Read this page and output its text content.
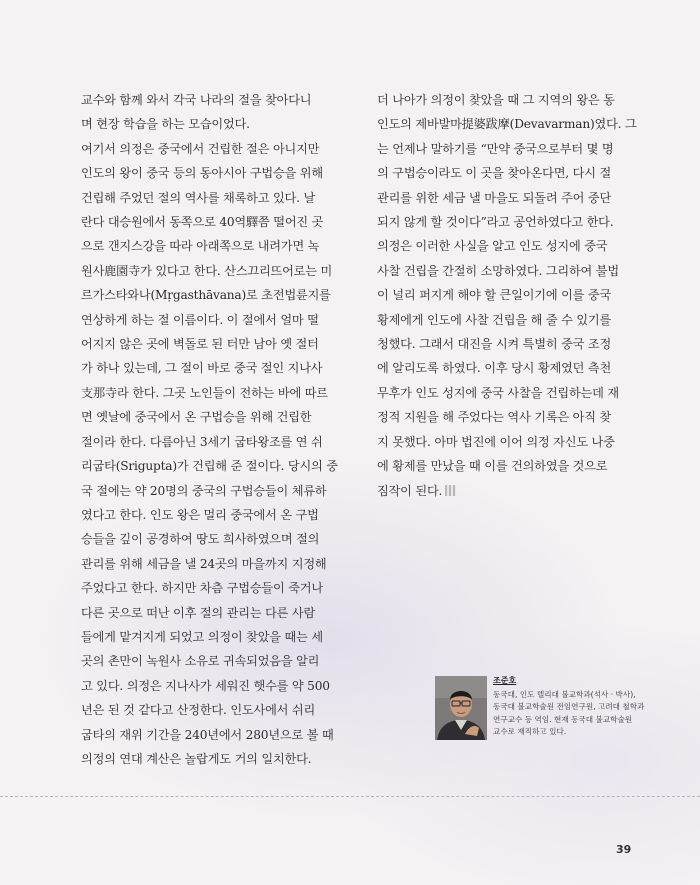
교수와 함께 와서 각국 나라의 절을 찾아다니
며 현장 학습을 하는 모습이었다.

여기서 의정은 중국에서 건립한 절은 아니지만
인도의 왕이 중국 등의 동아시아 구법승을 위해
건립해 주었던 절의 역사를 채록하고 있다. 날
란다 대승원에서 동쪽으로 40역驛쯤 떨어진 곳
으로 갠지스강을 따라 아래쪽으로 내려가면 녹
원사鹿園寺가 있다고 한다. 산스끄리뜨어로는 미
르가스타와나(Mṛgasthāvana)로 초전법륜지를
연상하게 하는 절 이름이다. 이 절에서 얼마 떨
어지지 않은 곳에 벽돌로 된 터만 남아 옛 절터
가 하나 있는데, 그 절이 바로 중국 절인 지나사
支那寺라 한다. 그곳 노인들이 전하는 바에 따르
면 옛날에 중국에서 온 구법승을 위해 건립한
절이라 한다. 다름아닌 3세기 굽타왕조를 연 쉬
리굽타(Srigupta)가 건립해 준 절이다. 당시의 중
국 절에는 약 20명의 중국의 구법승들이 체류하
였다고 한다. 인도 왕은 멀리 중국에서 온 구법
승들을 깊이 공경하여 땅도 희사하였으며 절의
관리를 위해 세금을 낼 24곳의 마을까지 지정해
주었다고 한다. 하지만 차츰 구법승들이 죽거나
다른 곳으로 떠난 이후 절의 관리는 다른 사람
들에게 맡겨지게 되었고 의정이 찾았을 때는 세
곳의 촌만이 녹원사 소유로 귀속되었음을 알리
고 있다. 의정은 지나사가 세워진 햇수를 약 500
년은 된 것 같다고 산정한다. 인도사에서 쉬리
굽타의 재위 기간을 240년에서 280년으로 볼 때
의정의 연대 계산은 놀랍게도 거의 일치한다.

더 나아가 의정이 찾았을 때 그 지역의 왕은 동
인도의 제바발마提婆跋摩(Devavarman)였다. 그
는 언제나 말하기를 “만약 중국으로부터 몇 명
의 구법승이라도 이 곳을 찾아온다면, 다시 절
관리를 위한 세금 낼 마을도 되돌려 주어 중단
되지 않게 할 것이다”라고 공언하였다고 한다.
의정은 이러한 사실을 알고 인도 성지에 중국
사찰 건립을 간절히 소망하였다. 그리하여 불법
이 널리 퍼지게 해야 할 큰일이기에 이를 중국
황제에게 인도에 사찰 건립을 해 줄 수 있기를
청했다. 그래서 대진을 시켜 특별히 중국 조정
에 알리도록 하였다. 이후 당시 황제였던 측천
무후가 인도 성지에 중국 사찰을 건립하는데 재
정적 지원을 해 주었다는 역사 기록은 아직 찾
지 못했다. 아마 법진에 이어 의정 자신도 나중
에 황제를 만났을 때 이를 건의하였을 것으로
짐작이 된다.

조준호
동국대, 인도 델리대 불교학과(석사 · 박사),
동국대 불교학술원 전임연구원, 고려대 철학과
연구교수 등 역임. 현재 동국대 불교학술원
교수로 재직하고 있다.
39
